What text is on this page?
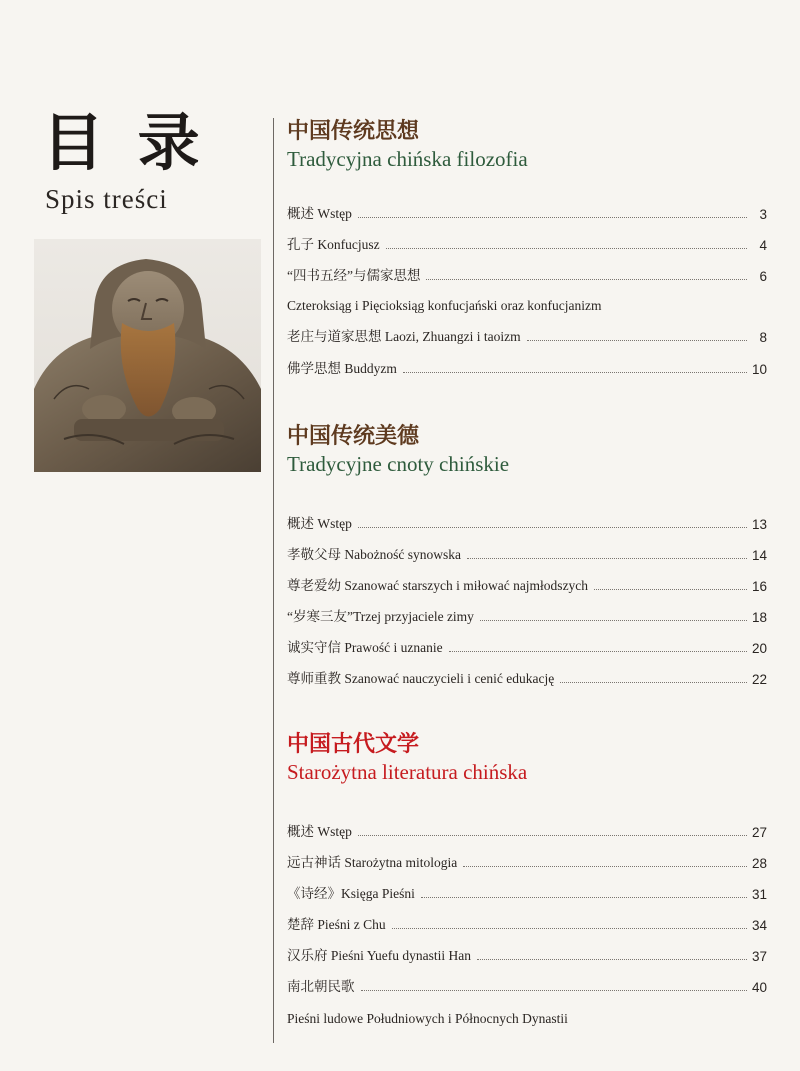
目 录
Spis treści

中国传统思想

Tradycyjna chińska filozofia

概述 Wstęp	3
孔子 Konfucjusz	4
“四书五经”与儒家思想	6
Czteroksiąg i Pięcioksiąg konfucjański oraz konfucjanizm
老庄与道家思想 Laozi, Zhuangzi i taoizm	8
佛学思想 Buddyzm	10

中国传统美德

Tradycyjne cnoty chińskie

概述 Wstęp	13
孝敬父母 Nabożność synowska	14
尊老爱幼 Szanować starszych i miłować najmłodszych	16
“岁寒三友”Trzej przyjaciele zimy	18
诚实守信 Prawość i uznanie	20
尊师重教 Szanować nauczycieli i cenić edukację	22

中国古代文学

Starożytna literatura chińska

概述 Wstęp	27
远古神话 Starożytna mitologia	28
《诗经》Księga Pieśni	31
楚辞 Pieśni z Chu	34
汉乐府 Pieśni Yuefu dynastii Han	37
南北朝民歌	40
Pieśni ludowe Południowych i Północnych Dynastii
